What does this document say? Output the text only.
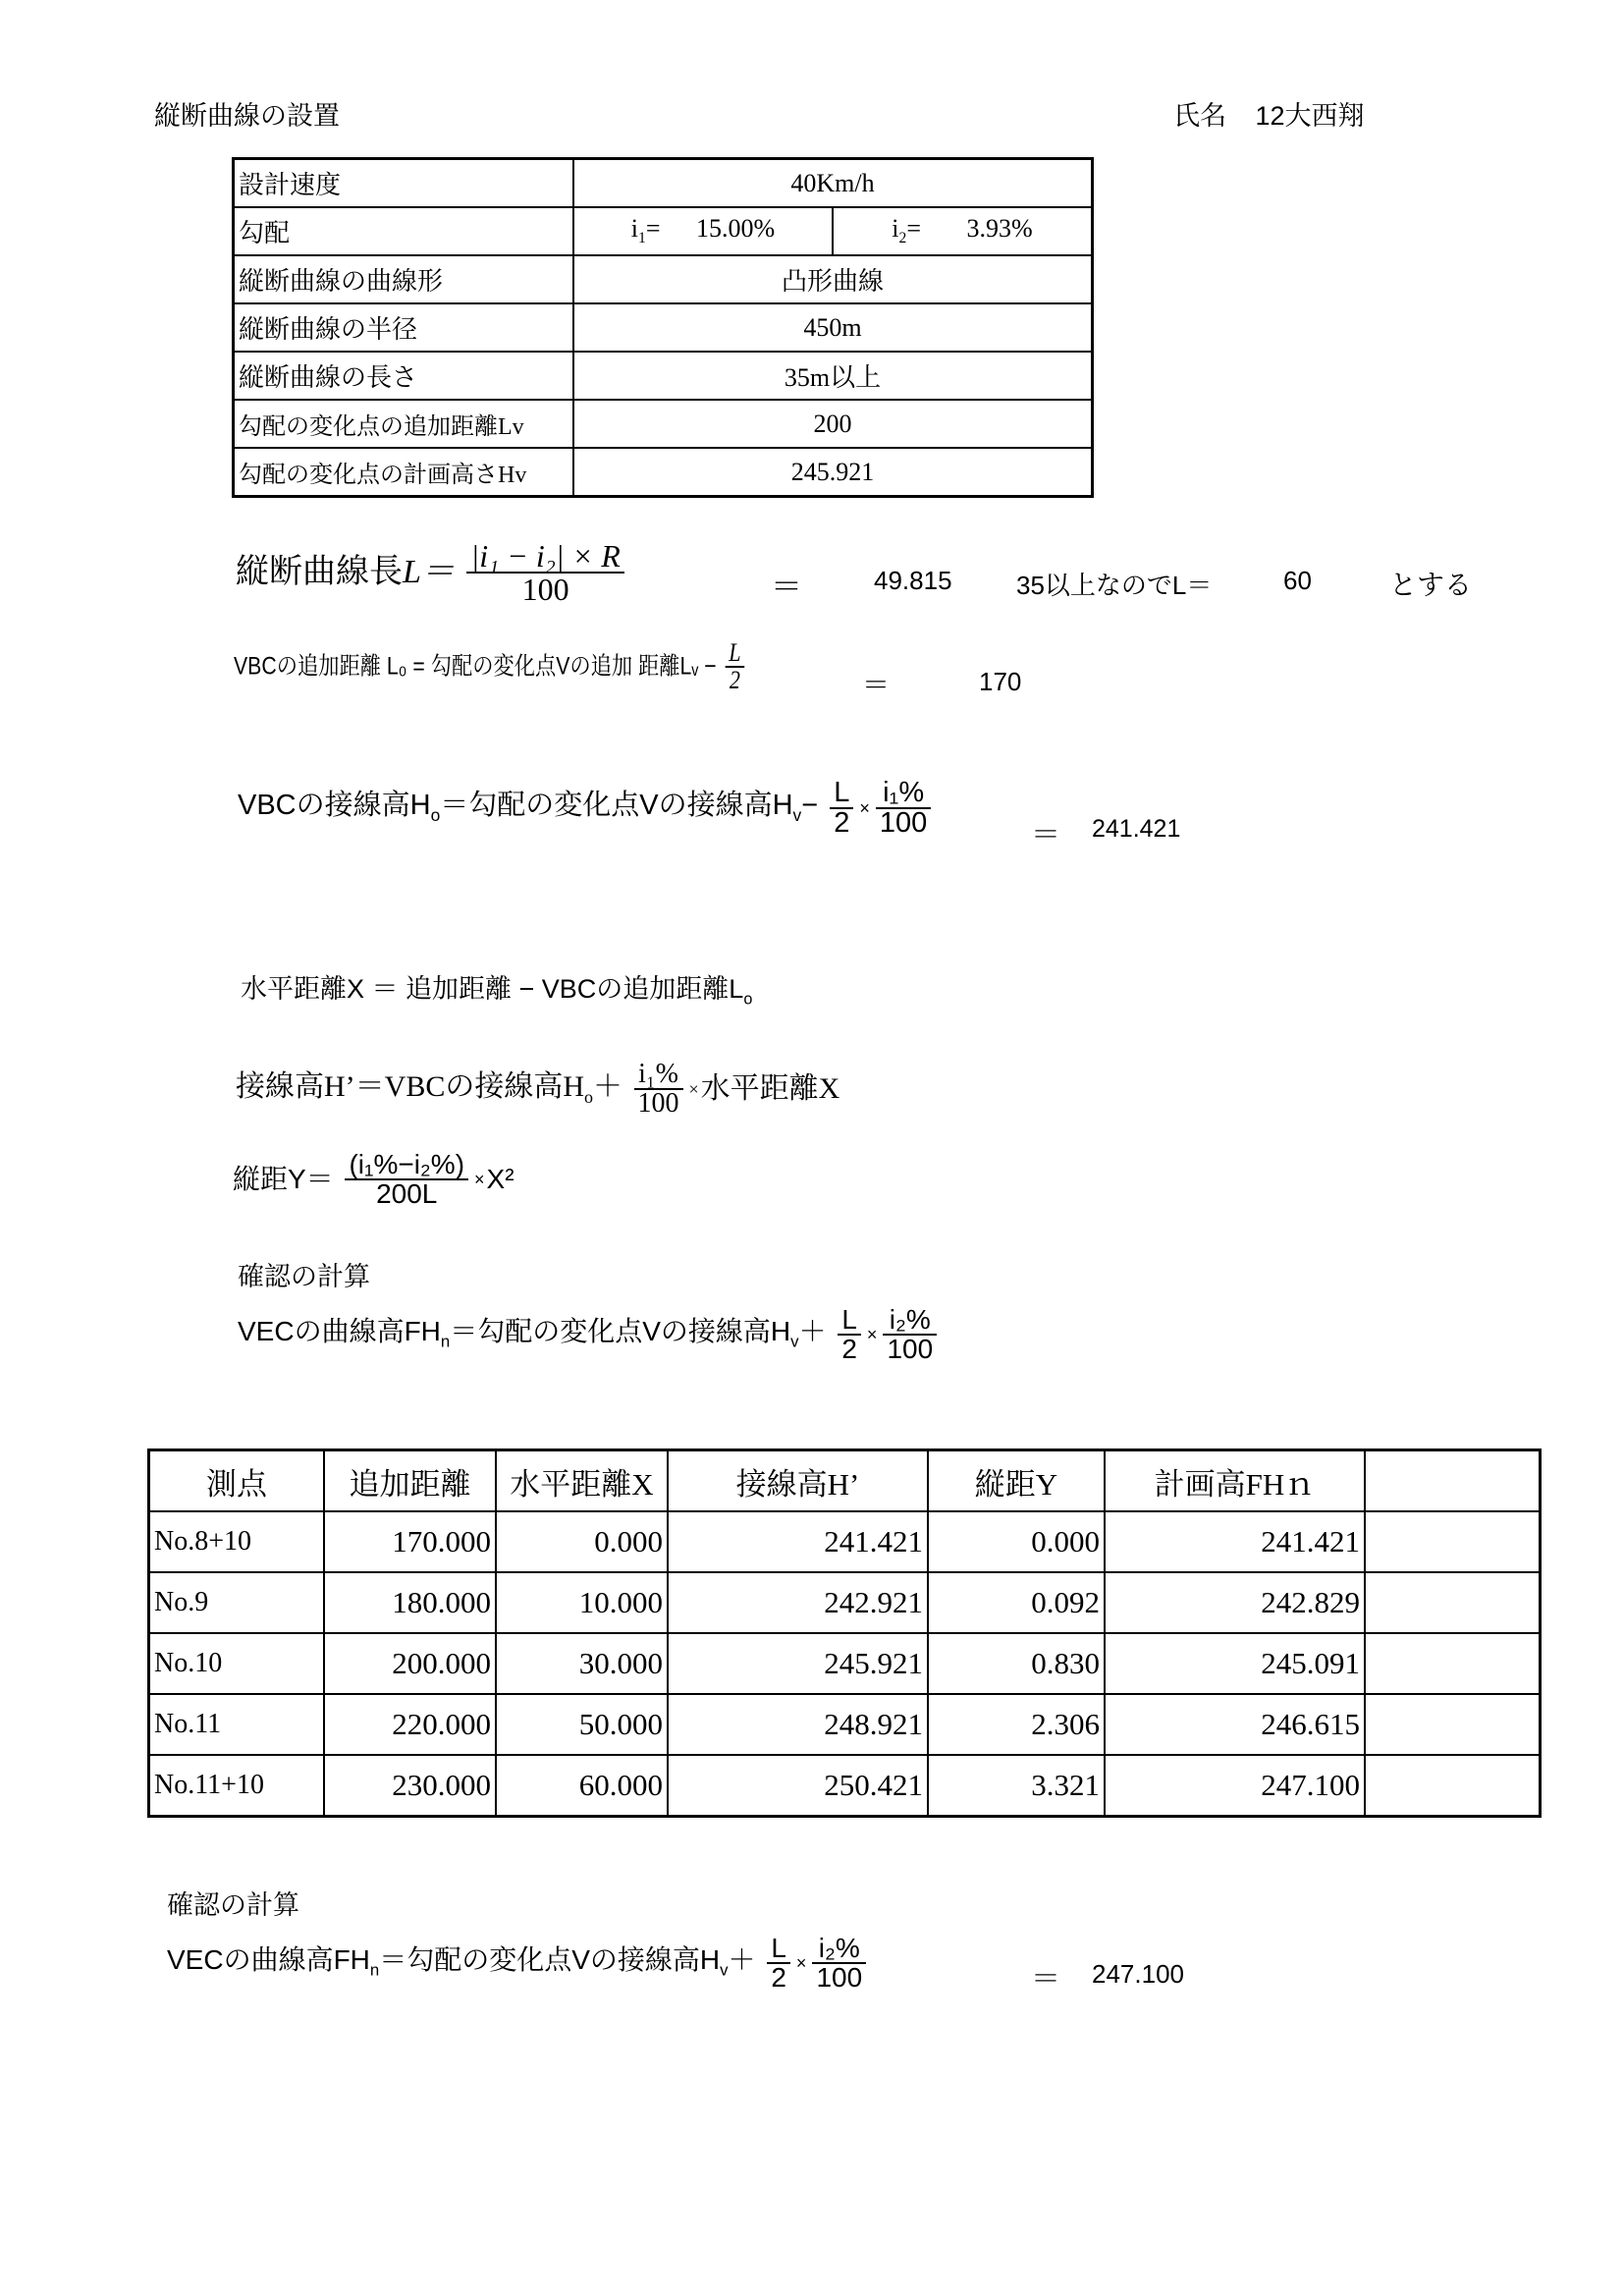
縦断曲線の設置	氏名 12大西翔
設計速度	40Km/h	
勾配	$i_1= 15.00\%$	$i_2= 3.93\%$
縦断曲線の曲線形	凸形曲線	
縦断曲線の半径	450m	
縦断曲線の長さ	35m以上	
勾配の変化点の追加距離Lv	200	
勾配の変化点の計画高さHv	245.921	
縦断曲線長$L= \frac{\text{|i₁ − i₂| × R}}{100}$	＝	49.815	35以上なのでL＝	60	とする
VBCの追加距離 L₀ = 勾配の変化点Vの追加 距離Lᵥ − $\frac{L}{2}$	＝	170
VBCの接線高$H_o=$勾配の変化点Vの接線高$H_v- \frac{L}{2} \times \frac{\text{i₁\%}}{100}$	＝ 241.421
水平距離X ＝ 追加距離 − VBCの追加距離$L_o$
接線高H’＝VBCの接線高$H_o+ \frac{\text{i₁\%}}{100}$ ×水平距離X
縦距$Y= \frac{\text{(i₁\%−i₂\%)}}{200L} \times X^2$
確認の計算
VECの曲線高$FH_n=$勾配の変化点Vの接線高$H_v+ \frac{L}{2} \times \frac{\text{i₂\%}}{100}$
測点	追加距離	水平距離X	接線高H’	縦距Y	計画高FHｎ	
No.8+10	170.000	0.000	241.421	0.000	241.421	
No.9	180.000	10.000	242.921	0.092	242.829	
No.10	200.000	30.000	245.921	0.830	245.091	
No.11	220.000	50.000	248.921	2.306	246.615	
No.11+10	230.000	60.000	250.421	3.321	247.100	
確認の計算
VECの曲線高$FH_n=$勾配の変化点Vの接線高$H_v+ \frac{L}{2} \times \frac{\text{i₂\%}}{100}$	＝ 247.100
